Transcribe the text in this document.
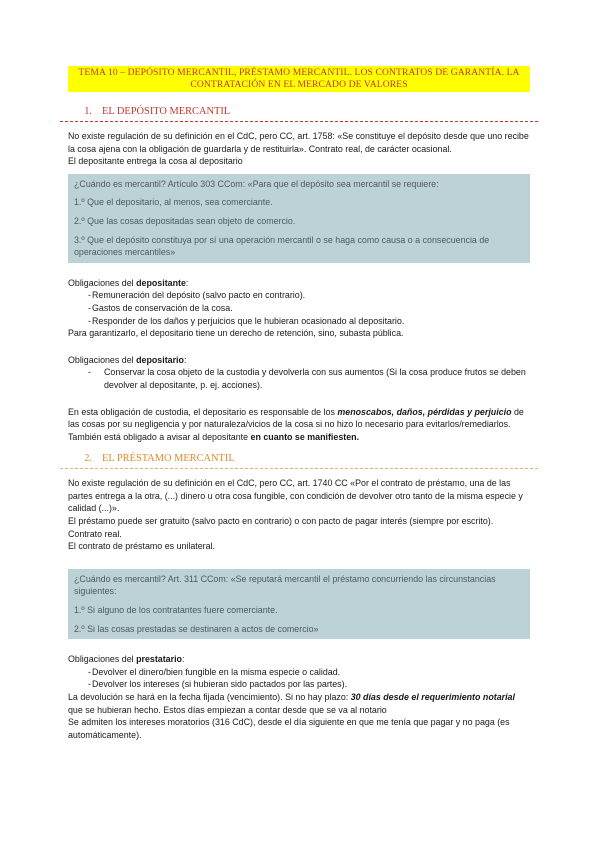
TEMA 10 – DEPÓSITO MERCANTIL, PRÉSTAMO MERCANTIL. LOS CONTRATOS DE GARANTÍA. LA CONTRATACIÓN EN EL MERCADO DE VALORES
1. EL DEPÓSITO MERCANTIL

No existe regulación de su definición en el CdC, pero CC, art. 1758: «Se constituye el depósito desde que uno recibe la cosa ajena con la obligación de guardarla y de restituirla». Contrato real, de carácter ocasional.

El depositante entrega la cosa al depositario

¿Cuándo es mercantil? Artículo 303 CCom: «Para que el depósito sea mercantil se requiere:

1.º Que el depositario, al menos, sea comerciante.

2.º Que las cosas depositadas sean objeto de comercio.

3.º Que el depósito constituya por sí una operación mercantil o se haga como causa o a consecuencia de operaciones mercantiles»

Obligaciones del depositante:

- Remuneración del depósito (salvo pacto en contrario).
- Gastos de conservación de la cosa.
- Responder de los daños y perjuicios que le hubieran ocasionado al depositario.

Para garantizarlo, el depositario tiene un derecho de retención, sino, subasta pública.

Obligaciones del depositario:

- Conservar la cosa objeto de la custodia y devolverla con sus aumentos (Si la cosa produce frutos se deben devolver al depositante, p. ej. acciones).

En esta obligación de custodia, el depositario es responsable de los menoscabos, daños, pérdidas y perjuicio de las cosas por su negligencia y por naturaleza/vicios de la cosa si no hizo lo necesario para evitarlos/remediarlos.

También está obligado a avisar al depositante en cuanto se manifiesten.

2. EL PRÉSTAMO MERCANTIL

No existe regulación de su definición en el CdC, pero CC, art. 1740 CC «Por el contrato de préstamo, una de las partes entrega a la otra, (...) dinero u otra cosa fungible, con condición de devolver otro tanto de la misma especie y calidad (...)».

El préstamo puede ser gratuito (salvo pacto en contrario) o con pacto de pagar interés (siempre por escrito).

Contrato real.

El contrato de préstamo es unilateral.

¿Cuándo es mercantil? Art. 311 CCom: «Se reputará mercantil el préstamo concurriendo las circunstancias siguientes:

1.º Si alguno de los contratantes fuere comerciante.

2.º Si las cosas prestadas se destinaren a actos de comercio»

Obligaciones del prestatario:

- Devolver el dinero/bien fungible en la misma especie o calidad.
- Devolver los intereses (si hubieran sido pactados por las partes).

La devolución se hará en la fecha fijada (vencimiento). Si no hay plazo: 30 días desde el requerimiento notarial que se hubieran hecho. Estos días empiezan a contar desde que se va al notario

Se admiten los intereses moratorios (316 CdC), desde el día siguiente en que me tenía que pagar y no paga (es automáticamente).
